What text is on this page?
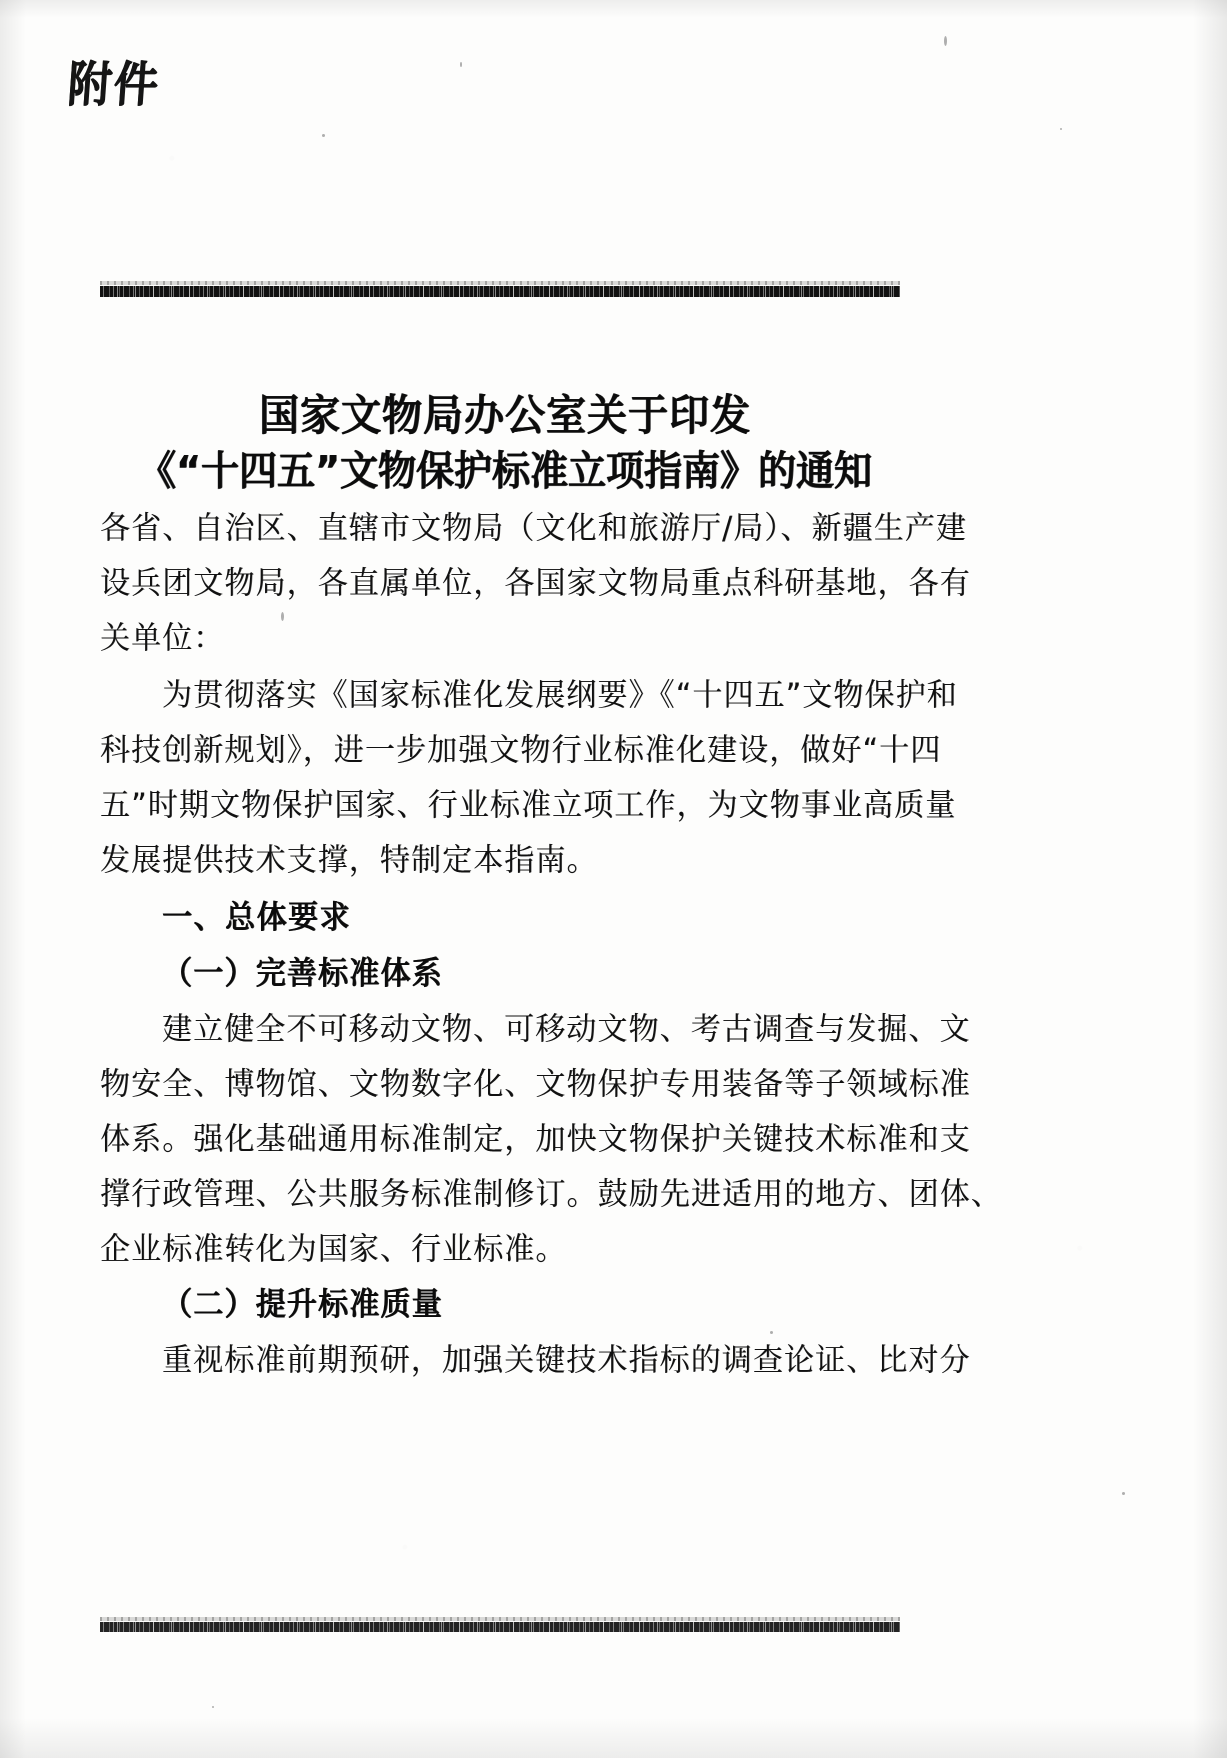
附件
国家文物局办公室关于印发
《“十四五”文物保护标准立项指南》的通知
各省、自治区、直辖市文物局（文化和旅游厅/局）、新疆生产建
设兵团文物局，各直属单位，各国家文物局重点科研基地，各有
关单位：
为贯彻落实《国家标准化发展纲要》《“十四五”文物保护和
科技创新规划》，进一步加强文物行业标准化建设，做好“十四
五”时期文物保护国家、行业标准立项工作，为文物事业高质量
发展提供技术支撑，特制定本指南。
一、总体要求
（一）完善标准体系
建立健全不可移动文物、可移动文物、考古调查与发掘、文
物安全、博物馆、文物数字化、文物保护专用装备等子领域标准
体系。强化基础通用标准制定，加快文物保护关键技术标准和支
撑行政管理、公共服务标准制修订。鼓励先进适用的地方、团体、
企业标准转化为国家、行业标准。
（二）提升标准质量
重视标准前期预研，加强关键技术指标的调查论证、比对分
